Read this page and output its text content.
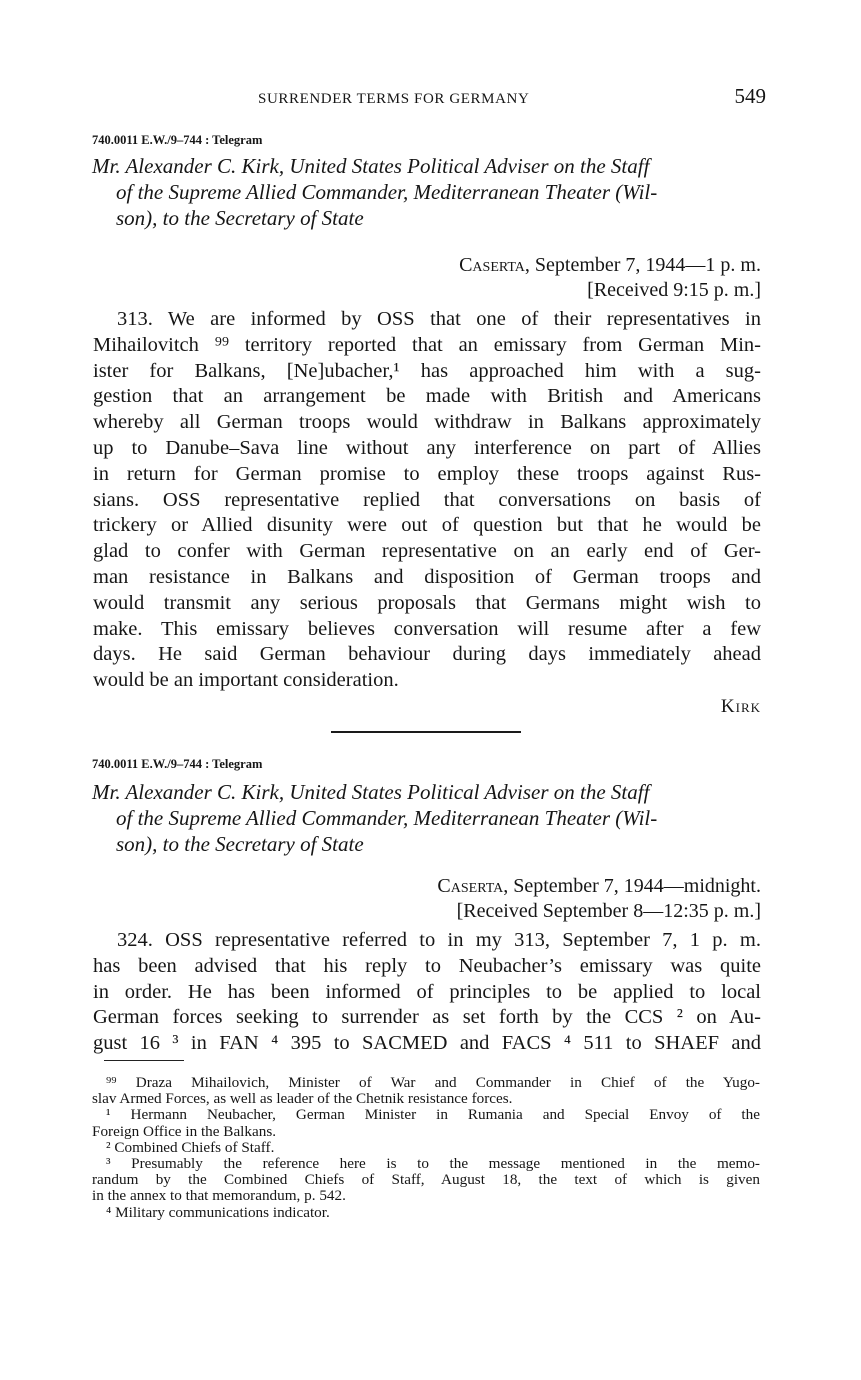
SURRENDER TERMS FOR GERMANY	549
740.0011 E.W./9–744 : Telegram
Mr. Alexander C. Kirk, United States Political Adviser on the Staff
of the Supreme Allied Commander, Mediterranean Theater (Wil-
son), to the Secretary of State
Caserta, September 7, 1944—1 p. m.
[Received 9:15 p. m.]
313. We are informed by OSS that one of their representatives in
Mihailovitch ⁹⁹ territory reported that an emissary from German Min-
ister for Balkans, [Ne]ubacher,¹ has approached him with a sug-
gestion that an arrangement be made with British and Americans
whereby all German troops would withdraw in Balkans approximately
up to Danube–Sava line without any interference on part of Allies
in return for German promise to employ these troops against Rus-
sians. OSS representative replied that conversations on basis of
trickery or Allied disunity were out of question but that he would be
glad to confer with German representative on an early end of Ger-
man resistance in Balkans and disposition of German troops and
would transmit any serious proposals that Germans might wish to
make. This emissary believes conversation will resume after a few
days. He said German behaviour during days immediately ahead
would be an important consideration.
Kirk
740.0011 E.W./9–744 : Telegram
Mr. Alexander C. Kirk, United States Political Adviser on the Staff
of the Supreme Allied Commander, Mediterranean Theater (Wil-
son), to the Secretary of State
Caserta, September 7, 1944—midnight.
[Received September 8—12:35 p. m.]
324. OSS representative referred to in my 313, September 7, 1 p. m.
has been advised that his reply to Neubacher’s emissary was quite
in order. He has been informed of principles to be applied to local
German forces seeking to surrender as set forth by the CCS ² on Au-
gust 16 ³ in FAN ⁴ 395 to SACMED and FACS ⁴ 511 to SHAEF and
⁹⁹ Draza Mihailovich, Minister of War and Commander in Chief of the Yugo-
slav Armed Forces, as well as leader of the Chetnik resistance forces.
¹ Hermann Neubacher, German Minister in Rumania and Special Envoy of the
Foreign Office in the Balkans.
² Combined Chiefs of Staff.
³ Presumably the reference here is to the message mentioned in the memo-
randum by the Combined Chiefs of Staff, August 18, the text of which is given
in the annex to that memorandum, p. 542.
⁴ Military communications indicator.
